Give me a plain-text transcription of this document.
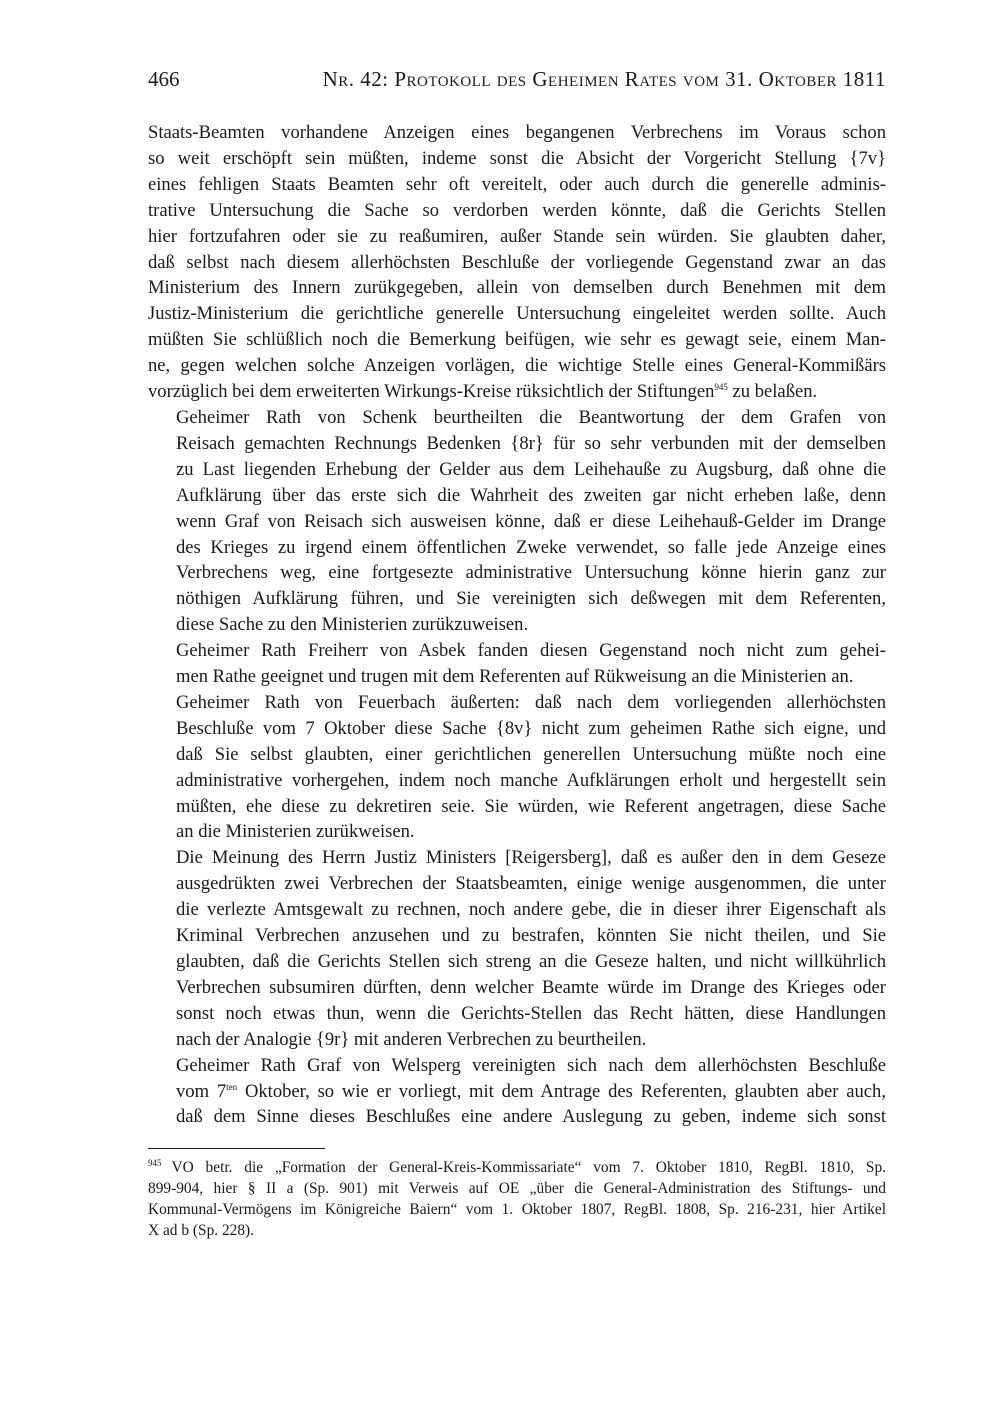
466	Nr. 42: Protokoll des Geheimen Rates vom 31. Oktober 1811

Staats-Beamten vorhandene Anzeigen eines begangenen Verbrechens im Voraus schon
so weit erschöpft sein müßten, indeme sonst die Absicht der Vorgericht Stellung {7v}
eines fehligen Staats Beamten sehr oft vereitelt, oder auch durch die generelle adminis-
trative Untersuchung die Sache so verdorben werden könnte, daß die Gerichts Stellen
hier fortzufahren oder sie zu reaßumiren, außer Stande sein würden. Sie glaubten daher,
daß selbst nach diesem allerhöchsten Beschluße der vorliegende Gegenstand zwar an das
Ministerium des Innern zurükgegeben, allein von demselben durch Benehmen mit dem
Justiz-Ministerium die gerichtliche generelle Untersuchung eingeleitet werden sollte. Auch
müßten Sie schlüßlich noch die Bemerkung beifügen, wie sehr es gewagt seie, einem Man-
ne, gegen welchen solche Anzeigen vorlägen, die wichtige Stelle eines General-Kommißärs
vorzüglich bei dem erweiterten Wirkungs-Kreise rüksichtlich der Stiftungen$^{945}$ zu belaßen.

Geheimer Rath von Schenk beurtheilten die Beantwortung der dem Grafen von
Reisach gemachten Rechnungs Bedenken {8r} für so sehr verbunden mit der demselben
zu Last liegenden Erhebung der Gelder aus dem Leihehauße zu Augsburg, daß ohne die
Aufklärung über das erste sich die Wahrheit des zweiten gar nicht erheben laße, denn
wenn Graf von Reisach sich ausweisen könne, daß er diese Leihehauß-Gelder im Drange
des Krieges zu irgend einem öffentlichen Zweke verwendet, so falle jede Anzeige eines
Verbrechens weg, eine fortgesezte administrative Untersuchung könne hierin ganz zur
nöthigen Aufklärung führen, und Sie vereinigten sich deßwegen mit dem Referenten,
diese Sache zu den Ministerien zurükzuweisen.

Geheimer Rath Freiherr von Asbek fanden diesen Gegenstand noch nicht zum gehei-
men Rathe geeignet und trugen mit dem Referenten auf Rükweisung an die Ministerien an.

Geheimer Rath von Feuerbach äußerten: daß nach dem vorliegenden allerhöchsten
Beschluße vom 7 Oktober diese Sache {8v} nicht zum geheimen Rathe sich eigne, und
daß Sie selbst glaubten, einer gerichtlichen generellen Untersuchung müßte noch eine
administrative vorhergehen, indem noch manche Aufklärungen erholt und hergestellt sein
müßten, ehe diese zu dekretiren seie. Sie würden, wie Referent angetragen, diese Sache
an die Ministerien zurükweisen.

Die Meinung des Herrn Justiz Ministers [Reigersberg], daß es außer den in dem Geseze
ausgedrükten zwei Verbrechen der Staatsbeamten, einige wenige ausgenommen, die unter
die verlezte Amtsgewalt zu rechnen, noch andere gebe, die in dieser ihrer Eigenschaft als
Kriminal Verbrechen anzusehen und zu bestrafen, könnten Sie nicht theilen, und Sie
glaubten, daß die Gerichts Stellen sich streng an die Geseze halten, und nicht willkührlich
Verbrechen subsumiren dürften, denn welcher Beamte würde im Drange des Krieges oder
sonst noch etwas thun, wenn die Gerichts-Stellen das Recht hätten, diese Handlungen
nach der Analogie {9r} mit anderen Verbrechen zu beurtheilen.

Geheimer Rath Graf von Welsperg vereinigten sich nach dem allerhöchsten Beschluße
vom $7^{ten}$ Oktober, so wie er vorliegt, mit dem Antrage des Referenten, glaubten aber auch,
daß dem Sinne dieses Beschlußes eine andere Auslegung zu geben, indeme sich sonst

$^{945}$ VO betr. die „Formation der General-Kreis-Kommissariate“ vom 7. Oktober 1810, RegBl. 1810, Sp.
899-904, hier § II a (Sp. 901) mit Verweis auf OE „über die General-Administration des Stiftungs- und
Kommunal-Vermögens im Königreiche Baiern“ vom 1. Oktober 1807, RegBl. 1808, Sp. 216-231, hier Artikel
X ad b (Sp. 228).
